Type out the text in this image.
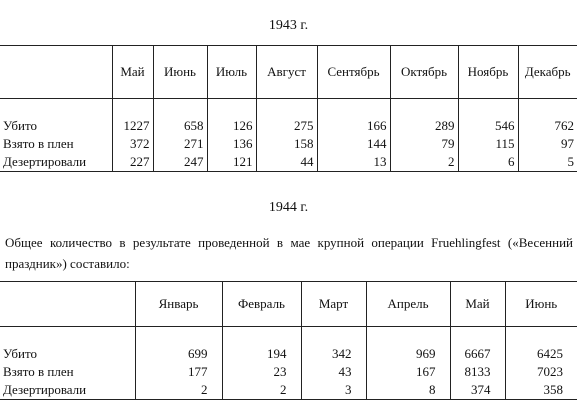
1943 г.
	Май	Июнь	Июль	Август	Сентябрь	Октябрь	Ноябрь	Декабрь

Убито	1227	658	126	275	166	289	546	762
Взято в плен	372	271	136	158	144	79	115	97
Дезертировали	227	247	121	44	13	2	6	5
1944 г.

Общее количество в результате проведенной в мае крупной операции Fruehlingfest («Весенний праздник») составило:

	Январь	Февраль	Март	Апрель	Май	Июнь

Убито	699	194	342	969	6667	6425
Взято в плен	177	23	43	167	8133	7023
Дезертировали	2	2	3	8	374	358
